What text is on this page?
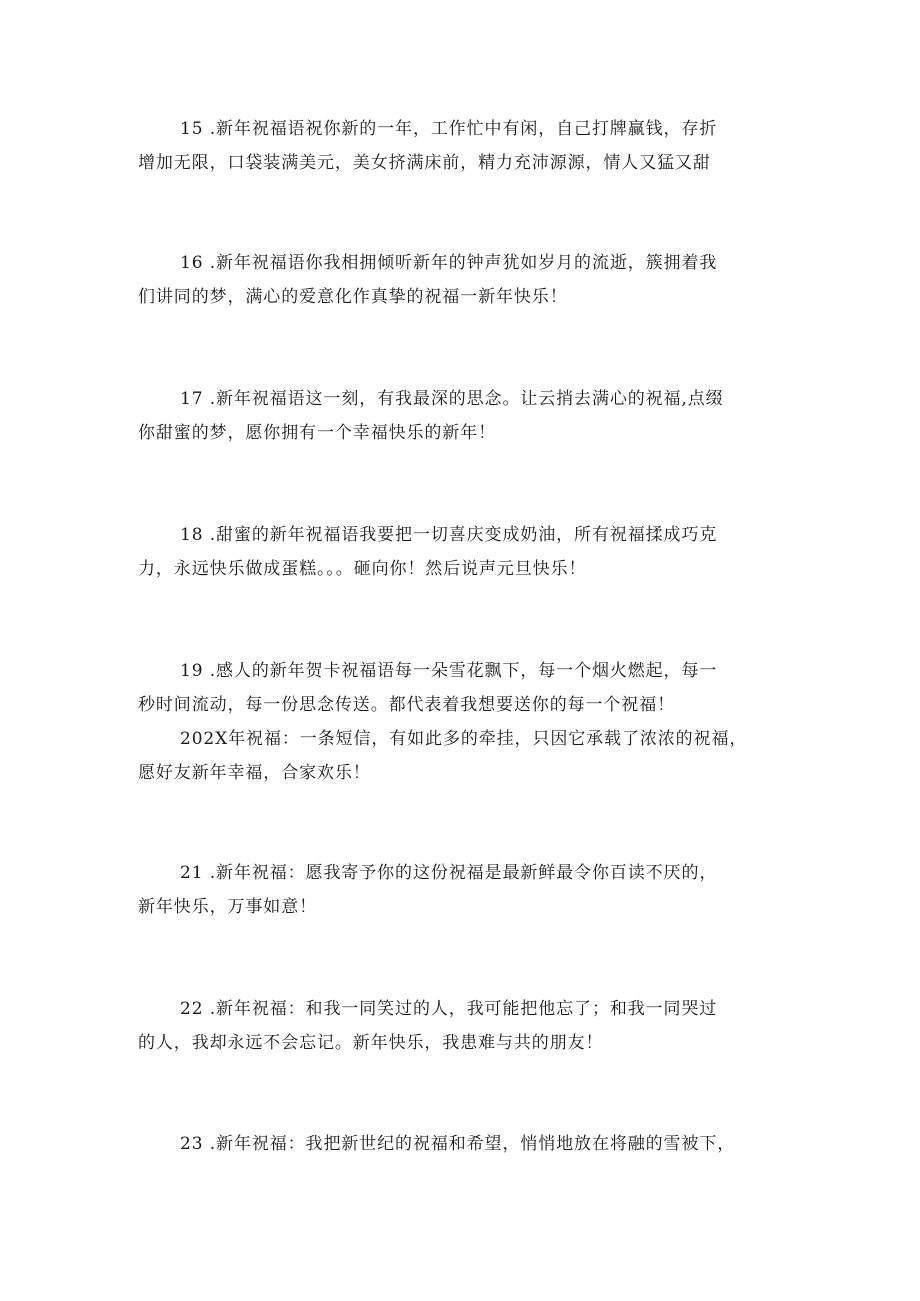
15 .新年祝福语祝你新的一年，工作忙中有闲，自己打牌赢钱，存折
增加无限，口袋装满美元，美女挤满床前，精力充沛源源，情人又猛又甜
16 .新年祝福语你我相拥倾听新年的钟声犹如岁月的流逝，簇拥着我
们讲同的梦，满心的爱意化作真挚的祝福一新年快乐！
17 .新年祝福语这一刻，有我最深的思念。让云捎去满心的祝福,点缀
你甜蜜的梦，愿你拥有一个幸福快乐的新年！
18 .甜蜜的新年祝福语我要把一切喜庆变成奶油，所有祝福揉成巧克
力，永远快乐做成蛋糕。。。砸向你！然后说声元旦快乐！
19 .感人的新年贺卡祝福语每一朵雪花飘下，每一个烟火燃起，每一
秒时间流动，每一份思念传送。都代表着我想要送你的每一个祝福！
202X年祝福：一条短信，有如此多的牵挂，只因它承载了浓浓的祝福，
愿好友新年幸福，合家欢乐！
21 .新年祝福：愿我寄予你的这份祝福是最新鲜最令你百读不厌的，
新年快乐，万事如意！
22 .新年祝福：和我一同笑过的人，我可能把他忘了；和我一同哭过
的人，我却永远不会忘记。新年快乐，我患难与共的朋友！
23 .新年祝福：我把新世纪的祝福和希望，悄悄地放在将融的雪被下，
